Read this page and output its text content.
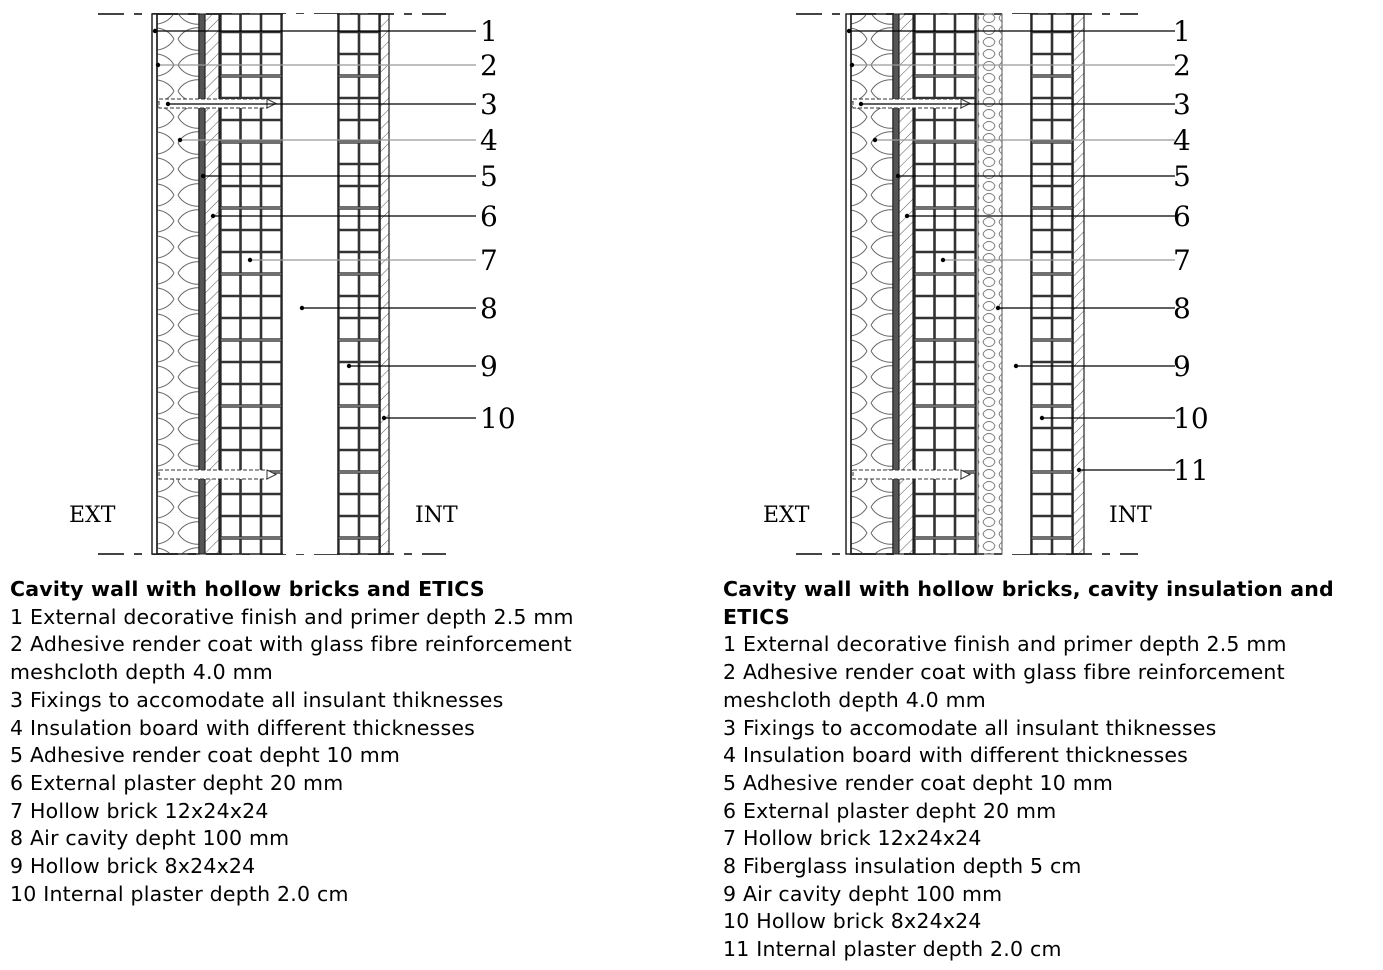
1
2
3
4
5
6
7
8
9
10
EXT	INT
Cavity wall with hollow bricks and ETICS
1 External decorative finish and primer depth 2.5 mm
2 Adhesive render coat with glass fibre reinforcement meshcloth depth 4.0 mm
3 Fixings to accomodate all insulant thiknesses
4 Insulation board with different thicknesses
5 Adhesive render coat depht 10 mm
6 External plaster depht 20 mm
7 Hollow brick 12x24x24
8 Air cavity depht 100 mm
9 Hollow brick 8x24x24
10 Internal plaster depth 2.0 cm
1
2
3
4
5
6
7
8
9
10
11
EXT	INT
Cavity wall with hollow bricks, cavity insulation and ETICS
1 External decorative finish and primer depth 2.5 mm
2 Adhesive render coat with glass fibre reinforcement meshcloth depth 4.0 mm
3 Fixings to accomodate all insulant thiknesses
4 Insulation board with different thicknesses
5 Adhesive render coat depht 10 mm
6 External plaster depht 20 mm
7 Hollow brick 12x24x24
8 Fiberglass insulation depth 5 cm
9 Air cavity depht 100 mm
10 Hollow brick 8x24x24
11 Internal plaster depth 2.0 cm
